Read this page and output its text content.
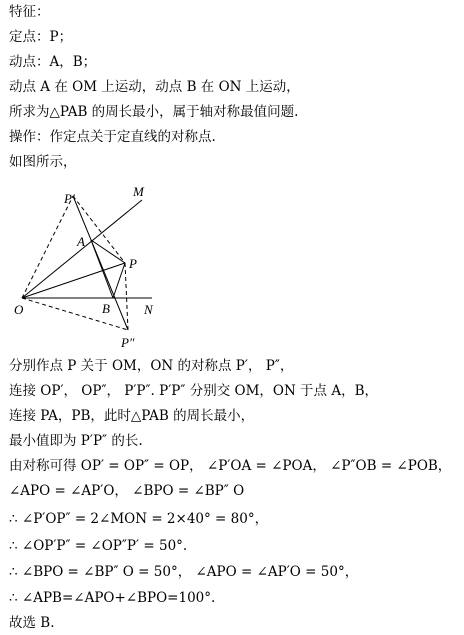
特征：
定点：P；
动点：A，B；
动点 A 在 OM 上运动，动点 B 在 ON 上运动，
所求为△PAB 的周长最小，属于轴对称最值问题.
操作：作定点关于定直线的对称点.
如图所示，
P′	M
A
P
O	B	N
P″
分别作点 P 关于 OM，ON 的对称点 P′， P″，
连接 OP′， OP″， P′P″. P′P″ 分别交 OM，ON 于点 A，B，
连接 PA，PB，此时△PAB 的周长最小，
最小值即为 P′P″ 的长.
由对称可得 OP′ = OP″ = OP， ∠P′OA = ∠POA， ∠P″OB = ∠POB，
∠APO = ∠AP′O， ∠BPO = ∠BP″ O
∴ ∠P′OP″ = 2∠MON = 2×40° = 80°，
∴ ∠OP′P″ = ∠OP″P′ = 50°.
∴ ∠BPO = ∠BP″ O = 50°， ∠APO = ∠AP′O = 50°，
∴ ∠APB=∠APO+∠BPO=100°.
故选 B.
